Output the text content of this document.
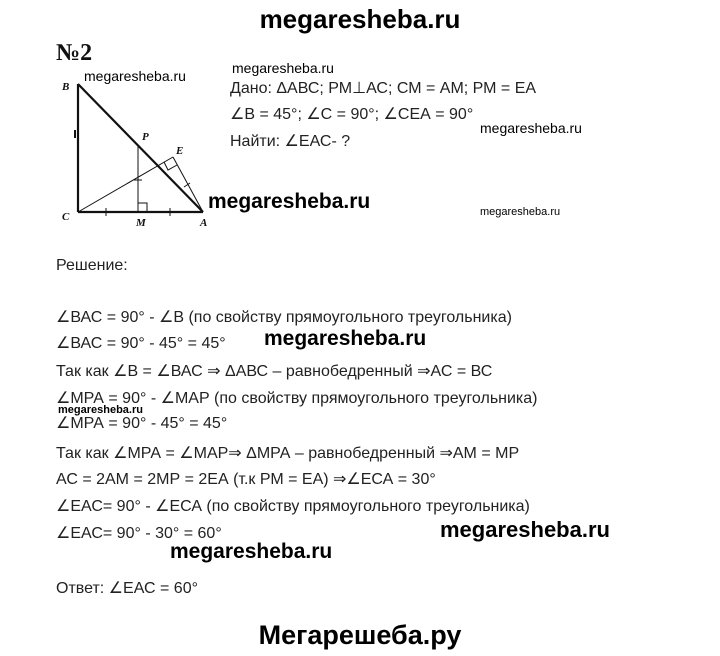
megaresheba.ru
№2
B
C	A
M
P
E
megaresheba.ru
megaresheba.ru
megaresheba.ru
Дано: ΔАВС; РМ⊥АС; СМ = АМ; РМ = ЕА
∠В = 45°; ∠С = 90°; ∠СЕА = 90°
megaresheba.ru
Найти: ∠ЕАС- ?
megaresheba.ru
Решение:
∠ВАС = 90° - ∠В (по свойству прямоугольного треугольника)
∠ВАС = 90° - 45° = 45° megaresheba.ru
Так как ∠В = ∠ВАС ⇒ ΔАВС – равнобедренный ⇒АС = ВС
∠МРА = 90° - ∠МАР (по свойству прямоугольного треугольника)
megaresheba.ru
∠МРА = 90° - 45° = 45°
Так как ∠МРА = ∠МАР⇒ ΔМРА – равнобедренный ⇒АМ = МР
АС = 2АМ = 2МР = 2ЕА (т.к РМ = ЕА) ⇒∠ЕСА = 30°
∠ЕАС= 90° - ∠ЕСА (по свойству прямоугольного треугольника)
megaresheba.ru
∠ЕАС= 90° - 30° = 60°
megaresheba.ru
Ответ: ∠ЕАС = 60°
Мегарешеба.ру
